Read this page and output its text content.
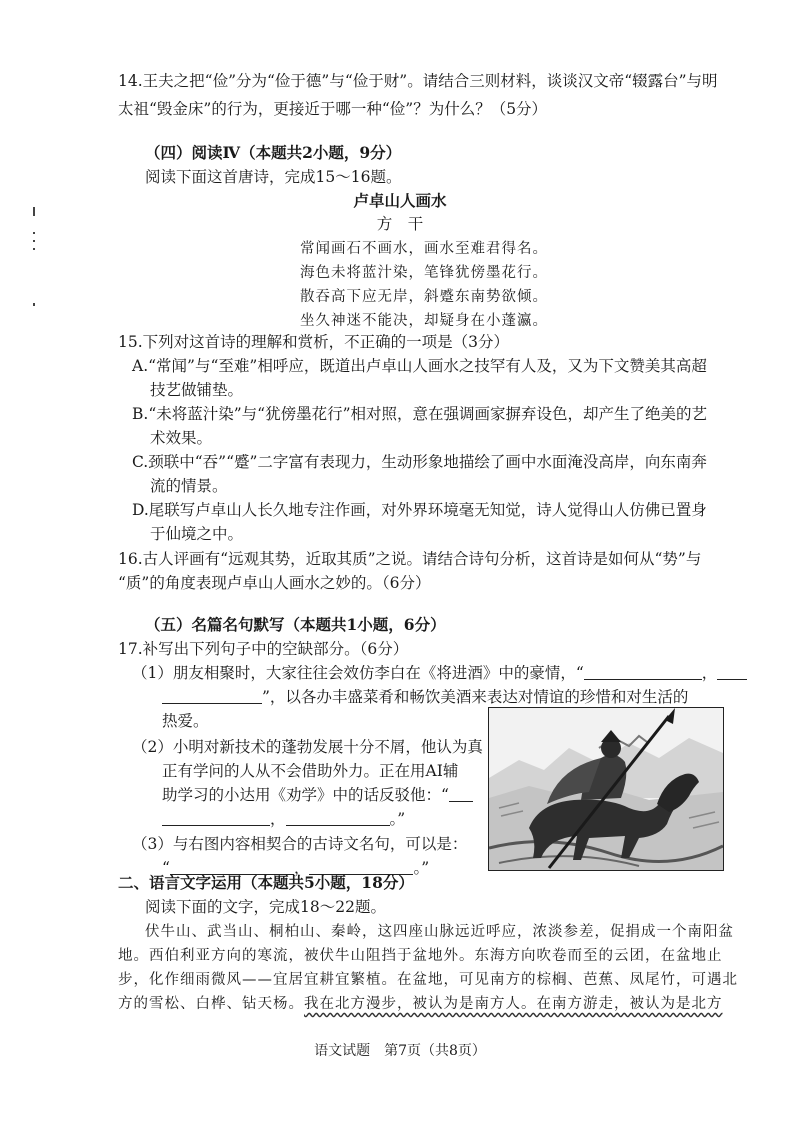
14.王夫之把“俭”分为“俭于德”与“俭于财”。请结合三则材料，谈谈汉文帝“辍露台”与明
太祖“毁金床”的行为，更接近于哪一种“俭”？为什么？（5分）
（四）阅读Ⅳ（本题共2小题，9分）
阅读下面这首唐诗，完成15～16题。
卢卓山人画水
方　干
常闻画石不画水，画水至难君得名。
海色未将蓝汁染，笔锋犹傍墨花行。
散吞高下应无岸，斜蹙东南势欲倾。
坐久神迷不能决，却疑身在小蓬瀛。
15.下列对这首诗的理解和赏析，不正确的一项是（3分）
A.“常闻”与“至难”相呼应，既道出卢卓山人画水之技罕有人及，又为下文赞美其高超
技艺做铺垫。
B.“未将蓝汁染”与“犹傍墨花行”相对照，意在强调画家摒弃设色，却产生了绝美的艺
术效果。
C.颈联中“吞”“蹙”二字富有表现力，生动形象地描绘了画中水面淹没高岸，向东南奔
流的情景。
D.尾联写卢卓山人长久地专注作画，对外界环境毫无知觉，诗人觉得山人仿佛已置身
于仙境之中。
16.古人评画有“远观其势，近取其质”之说。请结合诗句分析，这首诗是如何从“势”与
“质”的角度表现卢卓山人画水之妙的。（6分）
（五）名篇名句默写（本题共1小题，6分）
17.补写出下列句子中的空缺部分。（6分）
（1）朋友相聚时，大家往往会效仿李白在《将进酒》中的豪情，“	，
”，以各办丰盛菜肴和畅饮美酒来表达对情谊的珍惜和对生活的
热爱。
（2）小明对新技术的蓬勃发展十分不屑，他认为真
正有学问的人从不会借助外力。正在用AI辅
助学习的小达用《劝学》中的话反驳他：“
，	。”
（3）与右图内容相契合的古诗文名句，可以是：
“	，	。”
二、语言文字运用（本题共5小题，18分）
阅读下面的文字，完成18～22题。
伏牛山、武当山、桐柏山、秦岭，这四座山脉远近呼应，浓淡参差，促捐成一个南阳盆
地。西伯利亚方向的寒流，被伏牛山阻挡于盆地外。东海方向吹卷而至的云团，在盆地止
步，化作细雨微风——宜居宜耕宜繁植。在盆地，可见南方的棕榈、芭蕉、凤尾竹，可遇北
方的雪松、白桦、钻天杨。我在北方漫步，被认为是南方人。在南方游走，被认为是北方
语文试题　第7页（共8页）
